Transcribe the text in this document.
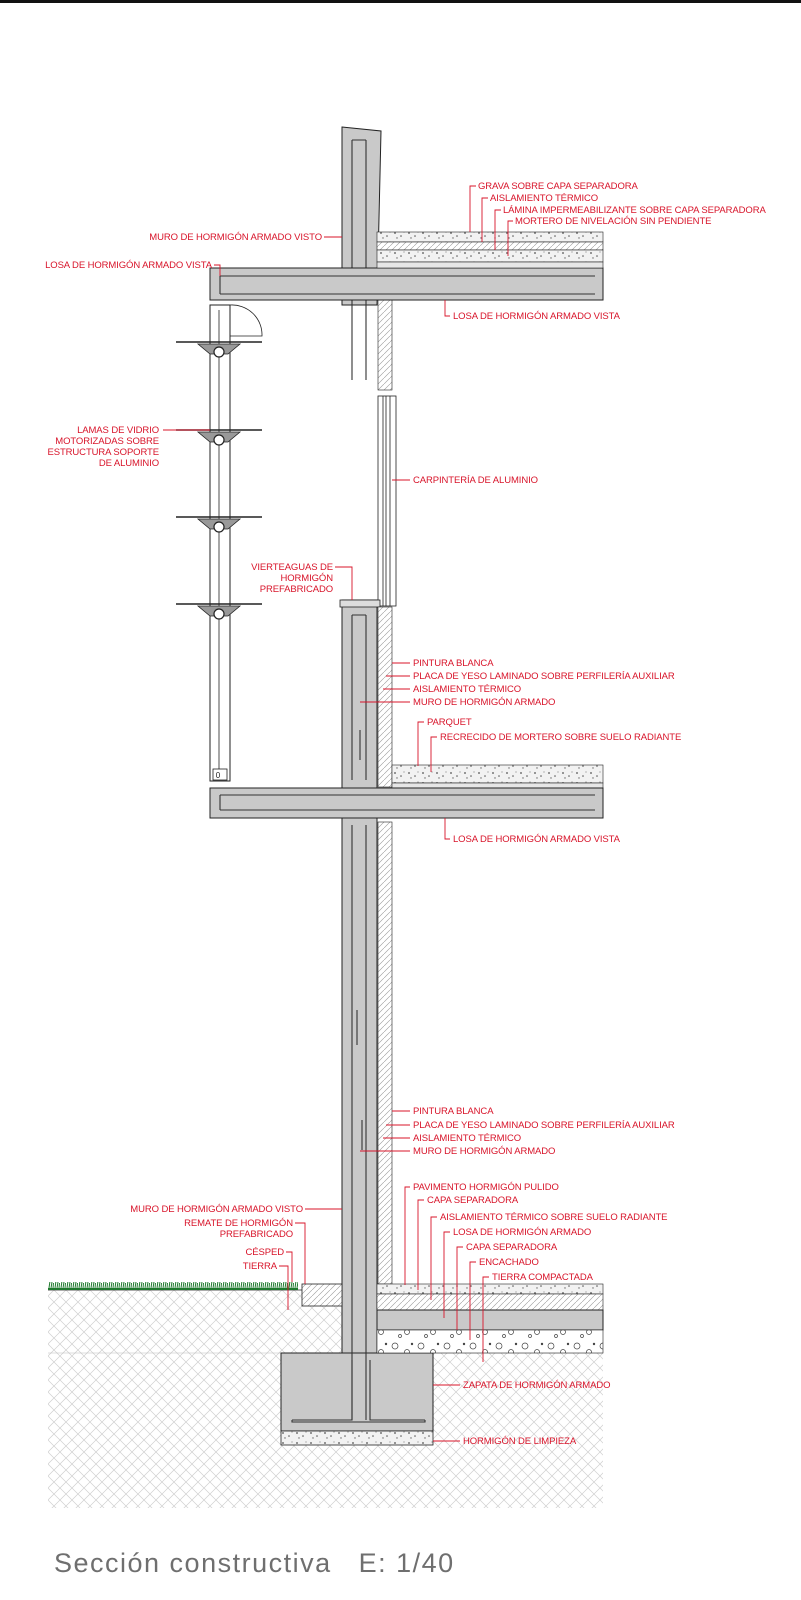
0
GRAVA SOBRE CAPA SEPARADORA
AISLAMIENTO TÉRMICO
LÁMINA IMPERMEABILIZANTE SOBRE CAPA SEPARADORA
MORTERO DE NIVELACIÓN SIN PENDIENTE
MURO DE HORMIGÓN ARMADO VISTO
LOSA DE HORMIGÓN ARMADO VISTA
LOSA DE HORMIGÓN ARMADO VISTA
LAMAS DE VIDRIO
MOTORIZADAS SOBRE
ESTRUCTURA SOPORTE
DE ALUMINIO
CARPINTERÍA DE ALUMINIO
VIERTEAGUAS DE
HORMIGÓN
PREFABRICADO
PINTURA BLANCA
PLACA DE YESO LAMINADO SOBRE PERFILERÍA AUXILIAR
AISLAMIENTO TÉRMICO
MURO DE HORMIGÓN ARMADO
PARQUET
RECRECIDO DE MORTERO SOBRE SUELO RADIANTE
LOSA DE HORMIGÓN ARMADO VISTA
PINTURA BLANCA
PLACA DE YESO LAMINADO SOBRE PERFILERÍA AUXILIAR
AISLAMIENTO TÉRMICO
MURO DE HORMIGÓN ARMADO
PAVIMENTO HORMIGÓN PULIDO
CAPA SEPARADORA
AISLAMIENTO TÉRMICO SOBRE SUELO RADIANTE
LOSA DE HORMIGÓN ARMADO
CAPA SEPARADORA
ENCACHADO
TIERRA COMPACTADA
MURO DE HORMIGÓN ARMADO VISTO
REMATE DE HORMIGÓN
PREFABRICADO
CÉSPED
TIERRA
ZAPATA DE HORMIGÓN ARMADO
HORMIGÓN DE LIMPIEZA
Sección constructiva   E: 1/40
